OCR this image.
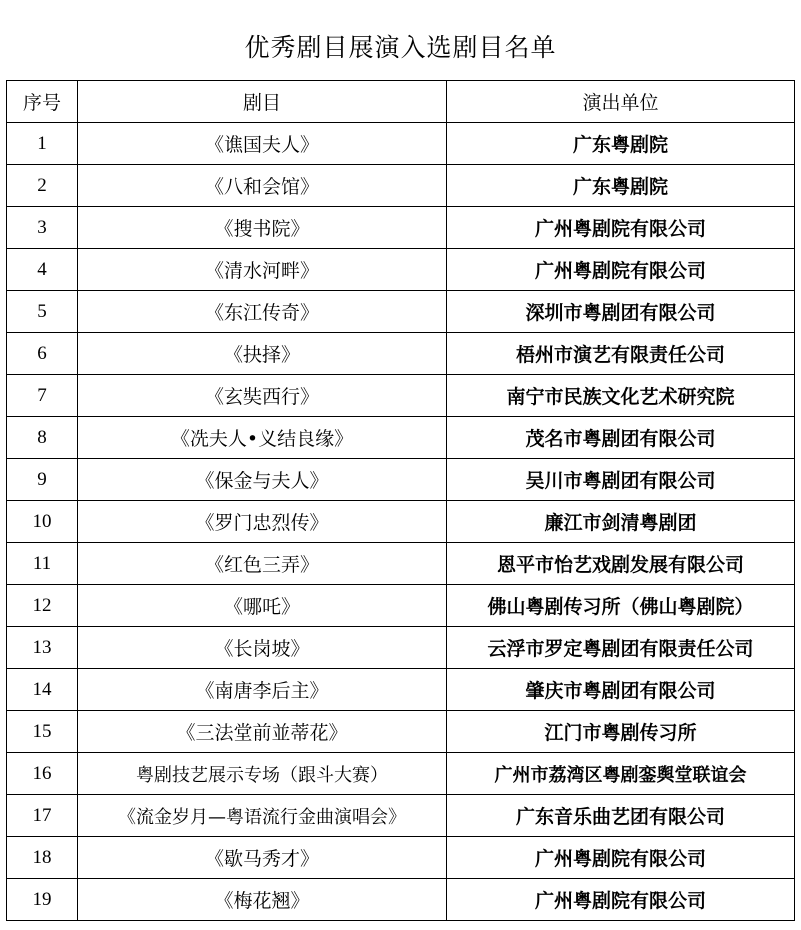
优秀剧目展演入选剧目名单
序号	剧目	演出单位
1	《谯国夫人》	广东粤剧院
2	《八和会馆》	广东粤剧院
3	《搜书院》	广州粤剧院有限公司
4	《清水河畔》	广州粤剧院有限公司
5	《东江传奇》	深圳市粤剧团有限公司
6	《抉择》	梧州市演艺有限责任公司
7	《玄奘西行》	南宁市民族文化艺术研究院
8	《冼夫人•义结良缘》	茂名市粤剧团有限公司
9	《保金与夫人》	吴川市粤剧团有限公司
10	《罗门忠烈传》	廉江市剑清粤剧团
11	《红色三弄》	恩平市怡艺戏剧发展有限公司
12	《哪吒》	佛山粤剧传习所（佛山粤剧院）
13	《长岗坡》	云浮市罗定粤剧团有限责任公司
14	《南唐李后主》	肇庆市粤剧团有限公司
15	《三法堂前並蒂花》	江门市粤剧传习所
16	粤剧技艺展示专场（跟斗大赛）	广州市荔湾区粤剧銮舆堂联谊会
17	《流金岁月—粤语流行金曲演唱会》	广东音乐曲艺团有限公司
18	《歇马秀才》	广州粤剧院有限公司
19	《梅花翘》	广州粤剧院有限公司
